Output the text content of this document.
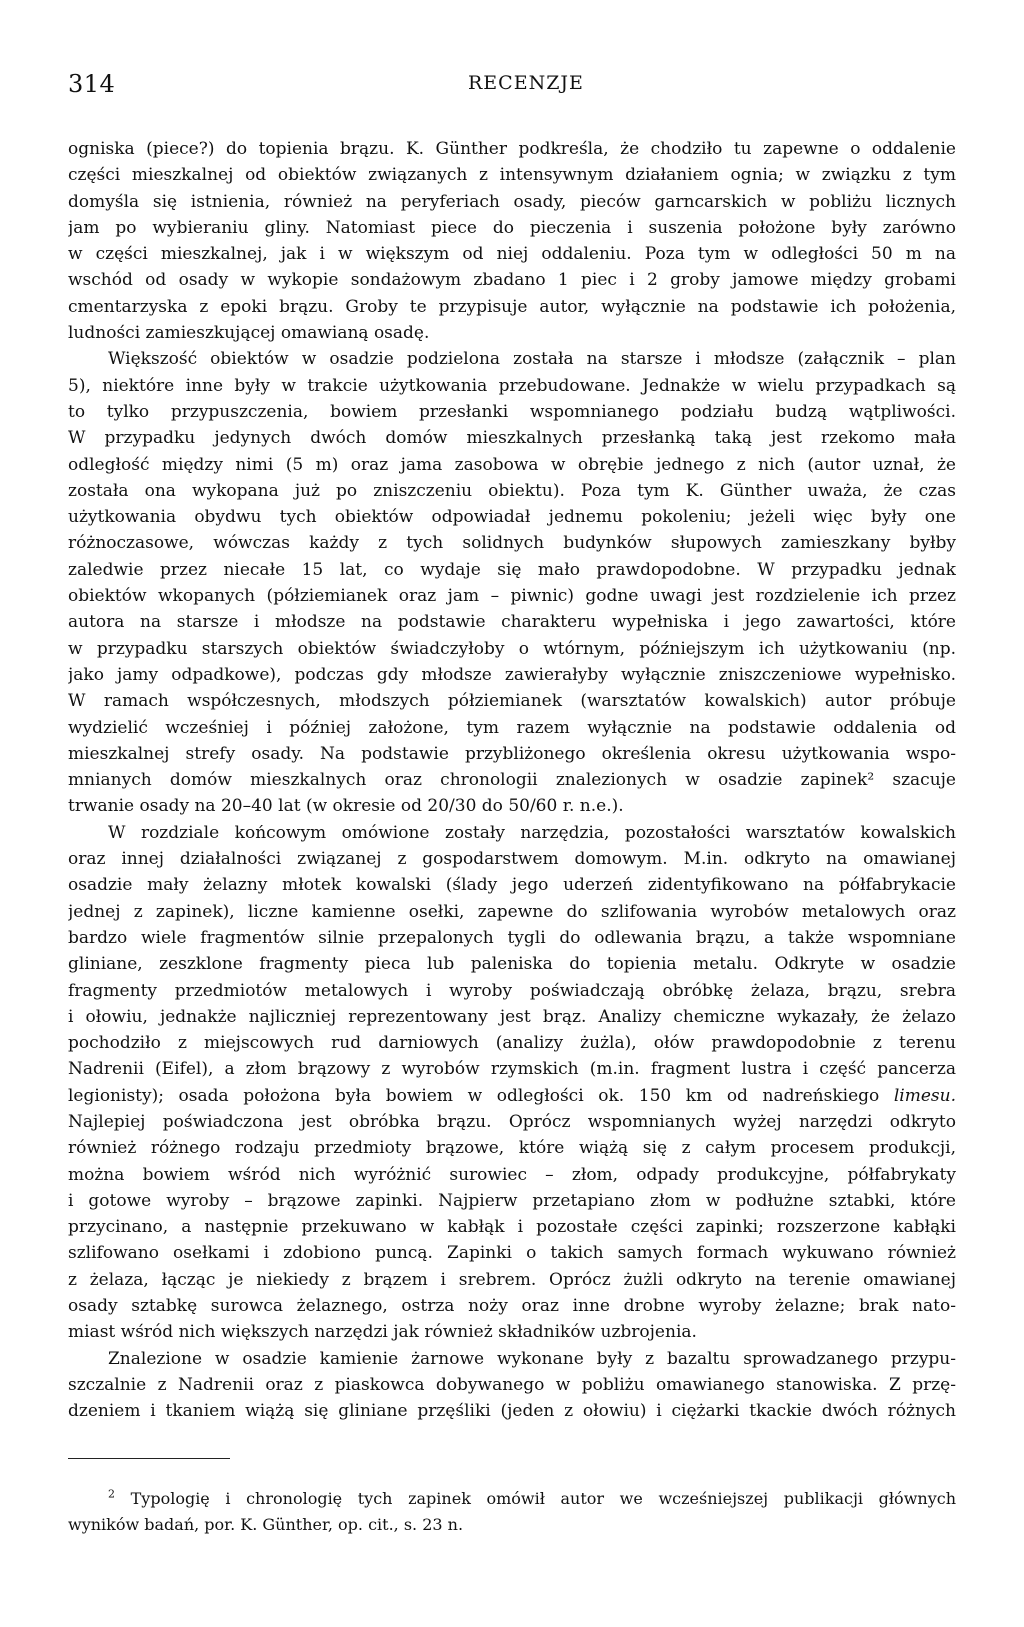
314	RECENZJE
ogniska (piece?) do topienia brązu. K. Günther podkreśla, że chodziło tu zapewne o oddalenie
części mieszkalnej od obiektów związanych z intensywnym działaniem ognia; w związku z tym
domyśla się istnienia, również na peryferiach osady, pieców garncarskich w pobliżu licznych
jam po wybieraniu gliny. Natomiast piece do pieczenia i suszenia położone były zarówno
w części mieszkalnej, jak i w większym od niej oddaleniu. Poza tym w odległości 50 m na
wschód od osady w wykopie sondażowym zbadano 1 piec i 2 groby jamowe między grobami
cmentarzyska z epoki brązu. Groby te przypisuje autor, wyłącznie na podstawie ich położenia,
ludności zamieszkującej omawianą osadę.
Większość obiektów w osadzie podzielona została na starsze i młodsze (załącznik – plan
5), niektóre inne były w trakcie użytkowania przebudowane. Jednakże w wielu przypadkach są
to tylko przypuszczenia, bowiem przesłanki wspomnianego podziału budzą wątpliwości.
W przypadku jedynych dwóch domów mieszkalnych przesłanką taką jest rzekomo mała
odległość między nimi (5 m) oraz jama zasobowa w obrębie jednego z nich (autor uznał, że
została ona wykopana już po zniszczeniu obiektu). Poza tym K. Günther uważa, że czas
użytkowania obydwu tych obiektów odpowiadał jednemu pokoleniu; jeżeli więc były one
różnoczasowe, wówczas każdy z tych solidnych budynków słupowych zamieszkany byłby
zaledwie przez niecałe 15 lat, co wydaje się mało prawdopodobne. W przypadku jednak
obiektów wkopanych (półziemianek oraz jam – piwnic) godne uwagi jest rozdzielenie ich przez
autora na starsze i młodsze na podstawie charakteru wypełniska i jego zawartości, które
w przypadku starszych obiektów świadczyłoby o wtórnym, późniejszym ich użytkowaniu (np.
jako jamy odpadkowe), podczas gdy młodsze zawierałyby wyłącznie zniszczeniowe wypełnisko.
W ramach współczesnych, młodszych półziemianek (warsztatów kowalskich) autor próbuje
wydzielić wcześniej i później założone, tym razem wyłącznie na podstawie oddalenia od
mieszkalnej strefy osady. Na podstawie przybliżonego określenia okresu użytkowania wspo-
mnianych domów mieszkalnych oraz chronologii znalezionych w osadzie zapinek² szacuje
trwanie osady na 20–40 lat (w okresie od 20/30 do 50/60 r. n.e.).
W rozdziale końcowym omówione zostały narzędzia, pozostałości warsztatów kowalskich
oraz innej działalności związanej z gospodarstwem domowym. M.in. odkryto na omawianej
osadzie mały żelazny młotek kowalski (ślady jego uderzeń zidentyfikowano na półfabrykacie
jednej z zapinek), liczne kamienne osełki, zapewne do szlifowania wyrobów metalowych oraz
bardzo wiele fragmentów silnie przepalonych tygli do odlewania brązu, a także wspomniane
gliniane, zeszklone fragmenty pieca lub paleniska do topienia metalu. Odkryte w osadzie
fragmenty przedmiotów metalowych i wyroby poświadczają obróbkę żelaza, brązu, srebra
i ołowiu, jednakże najliczniej reprezentowany jest brąz. Analizy chemiczne wykazały, że żelazo
pochodziło z miejscowych rud darniowych (analizy żużla), ołów prawdopodobnie z terenu
Nadrenii (Eifel), a złom brązowy z wyrobów rzymskich (m.in. fragment lustra i część pancerza
legionisty); osada położona była bowiem w odległości ok. 150 km od nadreńskiego limesu.
Najlepiej poświadczona jest obróbka brązu. Oprócz wspomnianych wyżej narzędzi odkryto
również różnego rodzaju przedmioty brązowe, które wiążą się z całym procesem produkcji,
można bowiem wśród nich wyróżnić surowiec – złom, odpady produkcyjne, półfabrykaty
i gotowe wyroby – brązowe zapinki. Najpierw przetapiano złom w podłużne sztabki, które
przycinano, a następnie przekuwano w kabłąk i pozostałe części zapinki; rozszerzone kabłąki
szlifowano osełkami i zdobiono puncą. Zapinki o takich samych formach wykuwano również
z żelaza, łącząc je niekiedy z brązem i srebrem. Oprócz żużli odkryto na terenie omawianej
osady sztabkę surowca żelaznego, ostrza noży oraz inne drobne wyroby żelazne; brak nato-
miast wśród nich większych narzędzi jak również składników uzbrojenia.
Znalezione w osadzie kamienie żarnowe wykonane były z bazaltu sprowadzanego przypu-
szczalnie z Nadrenii oraz z piaskowca dobywanego w pobliżu omawianego stanowiska. Z przę-
dzeniem i tkaniem wiążą się gliniane przęśliki (jeden z ołowiu) i ciężarki tkackie dwóch różnych
$^2$ Typologię i chronologię tych zapinek omówił autor we wcześniejszej publikacji głównych
wyników badań, por. K. Günther, op. cit., s. 23 n.
